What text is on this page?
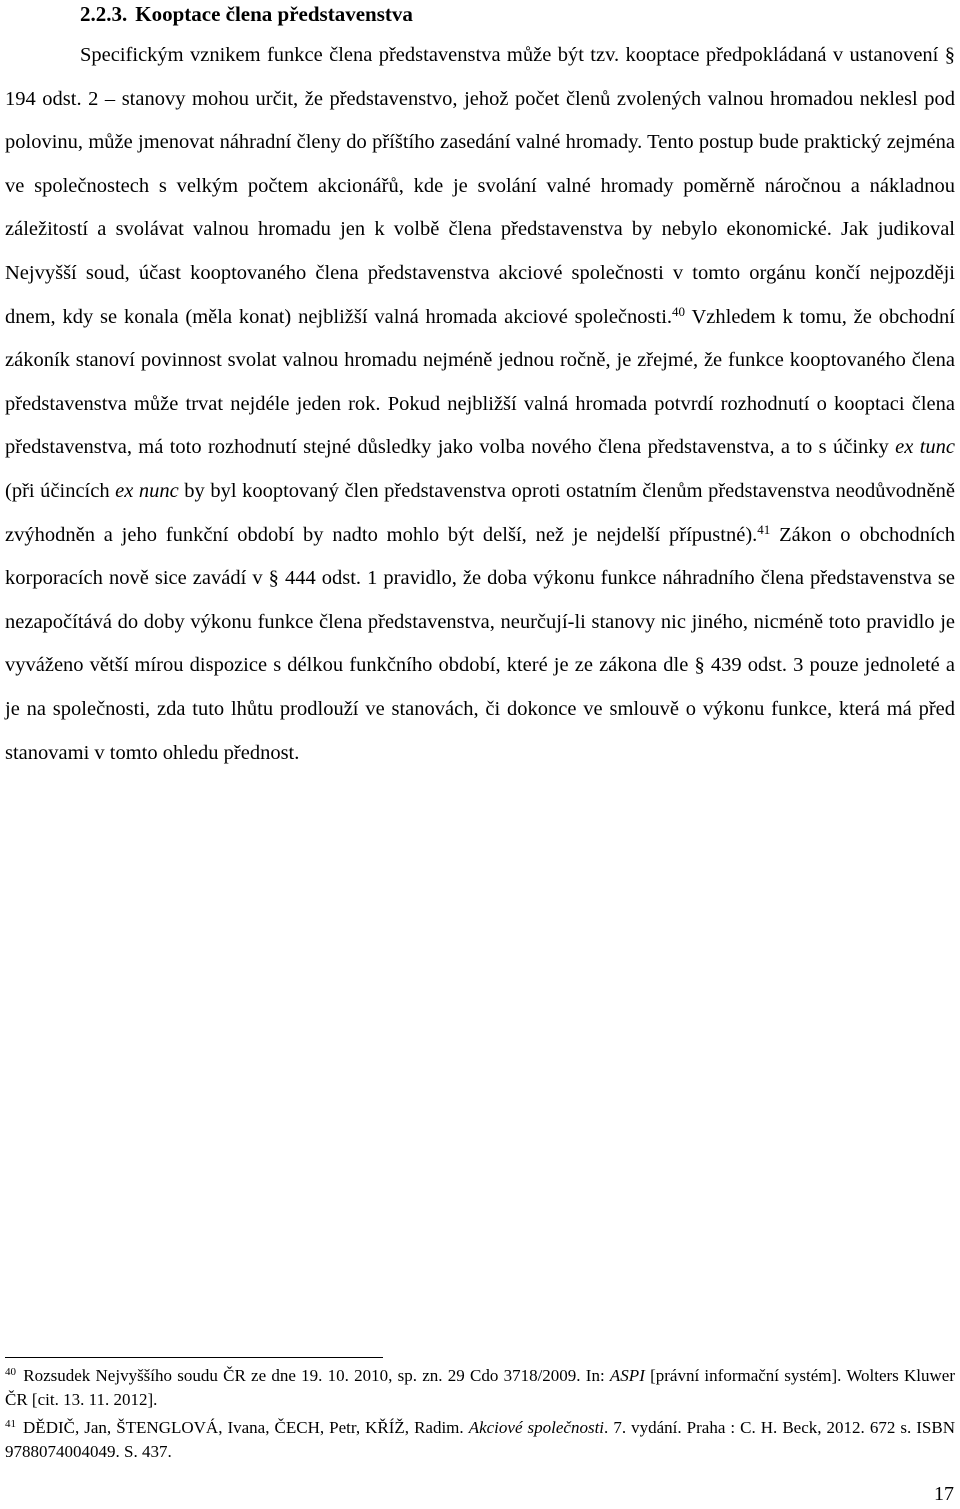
2.2.3. Kooptace člena představenstva

Specifickým vznikem funkce člena představenstva může být tzv. kooptace předpokládaná v ustanovení § 194 odst. 2 – stanovy mohou určit, že představenstvo, jehož počet členů zvolených valnou hromadou neklesl pod polovinu, může jmenovat náhradní členy do příštího zasedání valné hromady. Tento postup bude praktický zejména ve společnostech s velkým počtem akcionářů, kde je svolání valné hromady poměrně náročnou a nákladnou záležitostí a svolávat valnou hromadu jen k volbě člena představenstva by nebylo ekonomické. Jak judikoval Nejvyšší soud, účast kooptovaného člena představenstva akciové společnosti v tomto orgánu končí nejpozději dnem, kdy se konala (měla konat) nejbližší valná hromada akciové společnosti.$^{40}$ Vzhledem k tomu, že obchodní zákoník stanoví povinnost svolat valnou hromadu nejméně jednou ročně, je zřejmé, že funkce kooptovaného člena představenstva může trvat nejdéle jeden rok. Pokud nejbližší valná hromada potvrdí rozhodnutí o kooptaci člena představenstva, má toto rozhodnutí stejné důsledky jako volba nového člena představenstva, a to s účinky ex tunc (při účincích ex nunc by byl kooptovaný člen představenstva oproti ostatním členům představenstva neodůvodněně zvýhodněn a jeho funkční období by nadto mohlo být delší, než je nejdelší přípustné).$^{41}$ Zákon o obchodních korporacích nově sice zavádí v § 444 odst. 1 pravidlo, že doba výkonu funkce náhradního člena představenstva se nezapočítává do doby výkonu funkce člena představenstva, neurčují-li stanovy nic jiného, nicméně toto pravidlo je vyváženo větší mírou dispozice s délkou funkčního období, které je ze zákona dle § 439 odst. 3 pouze jednoleté a je na společnosti, zda tuto lhůtu prodlouží ve stanovách, či dokonce ve smlouvě o výkonu funkce, která má před stanovami v tomto ohledu přednost.

$^{40}$ Rozsudek Nejvyššího soudu ČR ze dne 19. 10. 2010, sp. zn. 29 Cdo 3718/2009. In: ASPI [právní informační systém]. Wolters Kluwer ČR [cit. 13. 11. 2012].

$^{41}$ DĚDIČ, Jan, ŠTENGLOVÁ, Ivana, ČECH, Petr, KŘÍŽ, Radim. Akciové společnosti. 7. vydání. Praha : C. H. Beck, 2012. 672 s. ISBN 9788074004049. S. 437.

17
